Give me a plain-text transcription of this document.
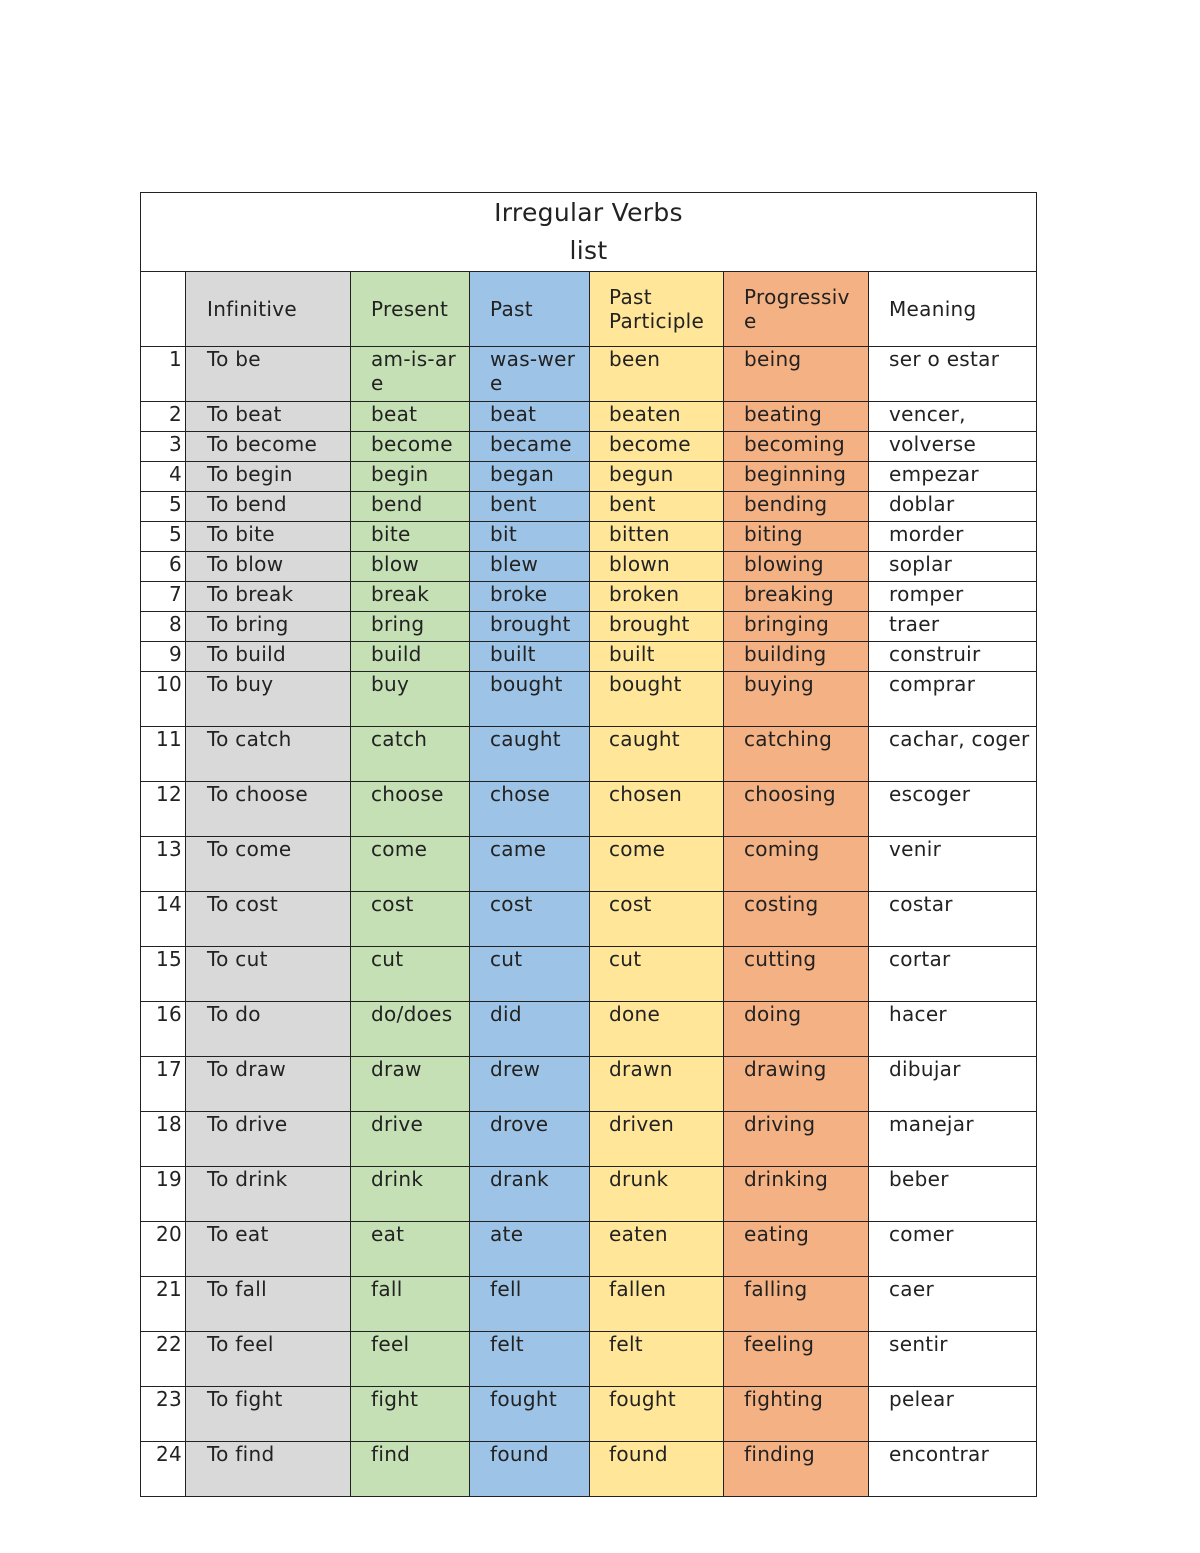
Irregular Verbs
list						

	Infinitive	Present	Past	Past Participle	Progressiv e	Meaning
1	To be	am-is-are	was-were	been	being	ser o estar
2	To beat	beat	beat	beaten	beating	vencer,
3	To become	become	became	become	becoming	volverse
4	To begin	begin	began	begun	beginning	empezar
5	To bend	bend	bent	bent	bending	doblar
5	To bite	bite	bit	bitten	biting	morder
6	To blow	blow	blew	blown	blowing	soplar
7	To break	break	broke	broken	breaking	romper
8	To bring	bring	brought	brought	bringing	traer
9	To build	build	built	built	building	construir
10	To buy	buy	bought	bought	buying	comprar
11	To catch	catch	caught	caught	catching	cachar, coger
12	To choose	choose	chose	chosen	choosing	escoger
13	To come	come	came	come	coming	venir
14	To cost	cost	cost	cost	costing	costar
15	To cut	cut	cut	cut	cutting	cortar
16	To do	do/does	did	done	doing	hacer
17	To draw	draw	drew	drawn	drawing	dibujar
18	To drive	drive	drove	driven	driving	manejar
19	To drink	drink	drank	drunk	drinking	beber
20	To eat	eat	ate	eaten	eating	comer
21	To fall	fall	fell	fallen	falling	caer
22	To feel	feel	felt	felt	feeling	sentir
23	To fight	fight	fought	fought	fighting	pelear
24	To find	find	found	found	finding	encontrar
